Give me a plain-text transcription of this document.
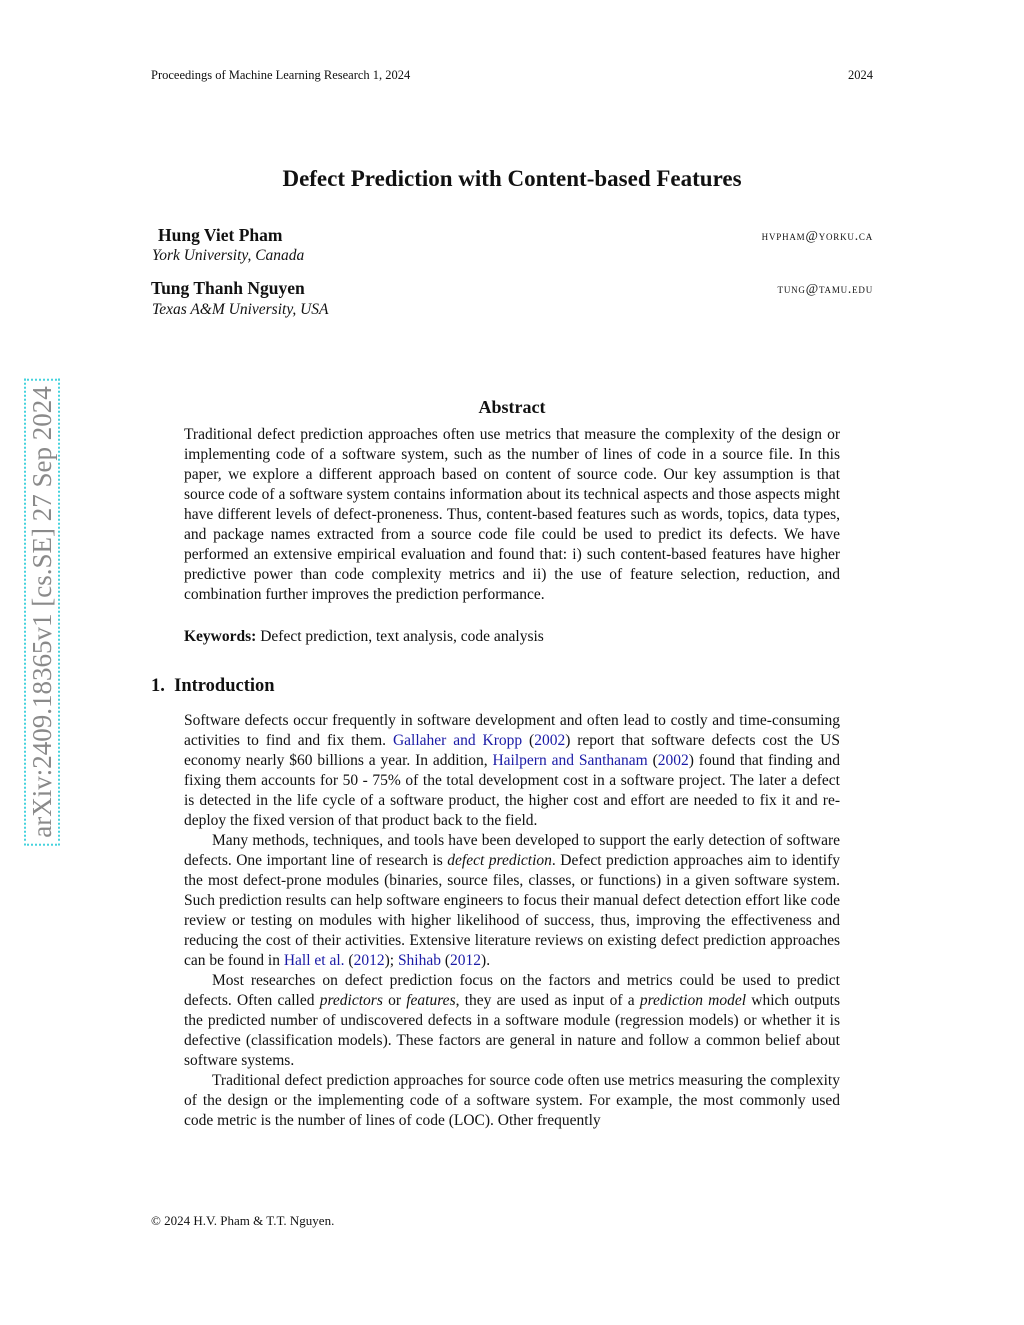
Proceedings of Machine Learning Research 1, 2024	2024
Defect Prediction with Content-based Features
Hung Viet Pham
York University, Canada
hvpham@yorku.ca
Tung Thanh Nguyen
Texas A&M University, USA
tung@tamu.edu
arXiv:2409.18365v1 [cs.SE] 27 Sep 2024	Abstract
Traditional defect prediction approaches often use metrics that measure the complexity of the design or implementing code of a software system, such as the number of lines of code in a source file. In this paper, we explore a different approach based on content of source code. Our key assumption is that source code of a software system contains information about its technical aspects and those aspects might have different levels of defect-proneness. Thus, content-based features such as words, topics, data types, and package names extracted from a source code file could be used to predict its defects. We have performed an extensive empirical evaluation and found that: i) such content-based features have higher predictive power than code complexity metrics and ii) the use of feature selection, reduction, and combination further improves the prediction performance.
Keywords: Defect prediction, text analysis, code analysis
1. Introduction

Software defects occur frequently in software development and often lead to costly and time-consuming activities to find and fix them. Gallaher and Kropp (2002) report that software defects cost the US economy nearly $60 billions a year. In addition, Hailpern and Santhanam (2002) found that finding and fixing them accounts for 50 - 75% of the total development cost in a software project. The later a defect is detected in the life cycle of a software product, the higher cost and effort are needed to fix it and re-deploy the fixed version of that product back to the field.

Many methods, techniques, and tools have been developed to support the early detection of software defects. One important line of research is defect prediction. Defect prediction approaches aim to identify the most defect-prone modules (binaries, source files, classes, or functions) in a given software system. Such prediction results can help software engineers to focus their manual defect detection effort like code review or testing on modules with higher likelihood of success, thus, improving the effectiveness and reducing the cost of their activities. Extensive literature reviews on existing defect prediction approaches can be found in Hall et al. (2012); Shihab (2012).

Most researches on defect prediction focus on the factors and metrics could be used to predict defects. Often called predictors or features, they are used as input of a prediction model which outputs the predicted number of undiscovered defects in a software module (regression models) or whether it is defective (classification models). These factors are general in nature and follow a common belief about software systems.

Traditional defect prediction approaches for source code often use metrics measuring the complexity of the design or the implementing code of a software system. For example, the most commonly used code metric is the number of lines of code (LOC). Other frequently

© 2024 H.V. Pham & T.T. Nguyen.
